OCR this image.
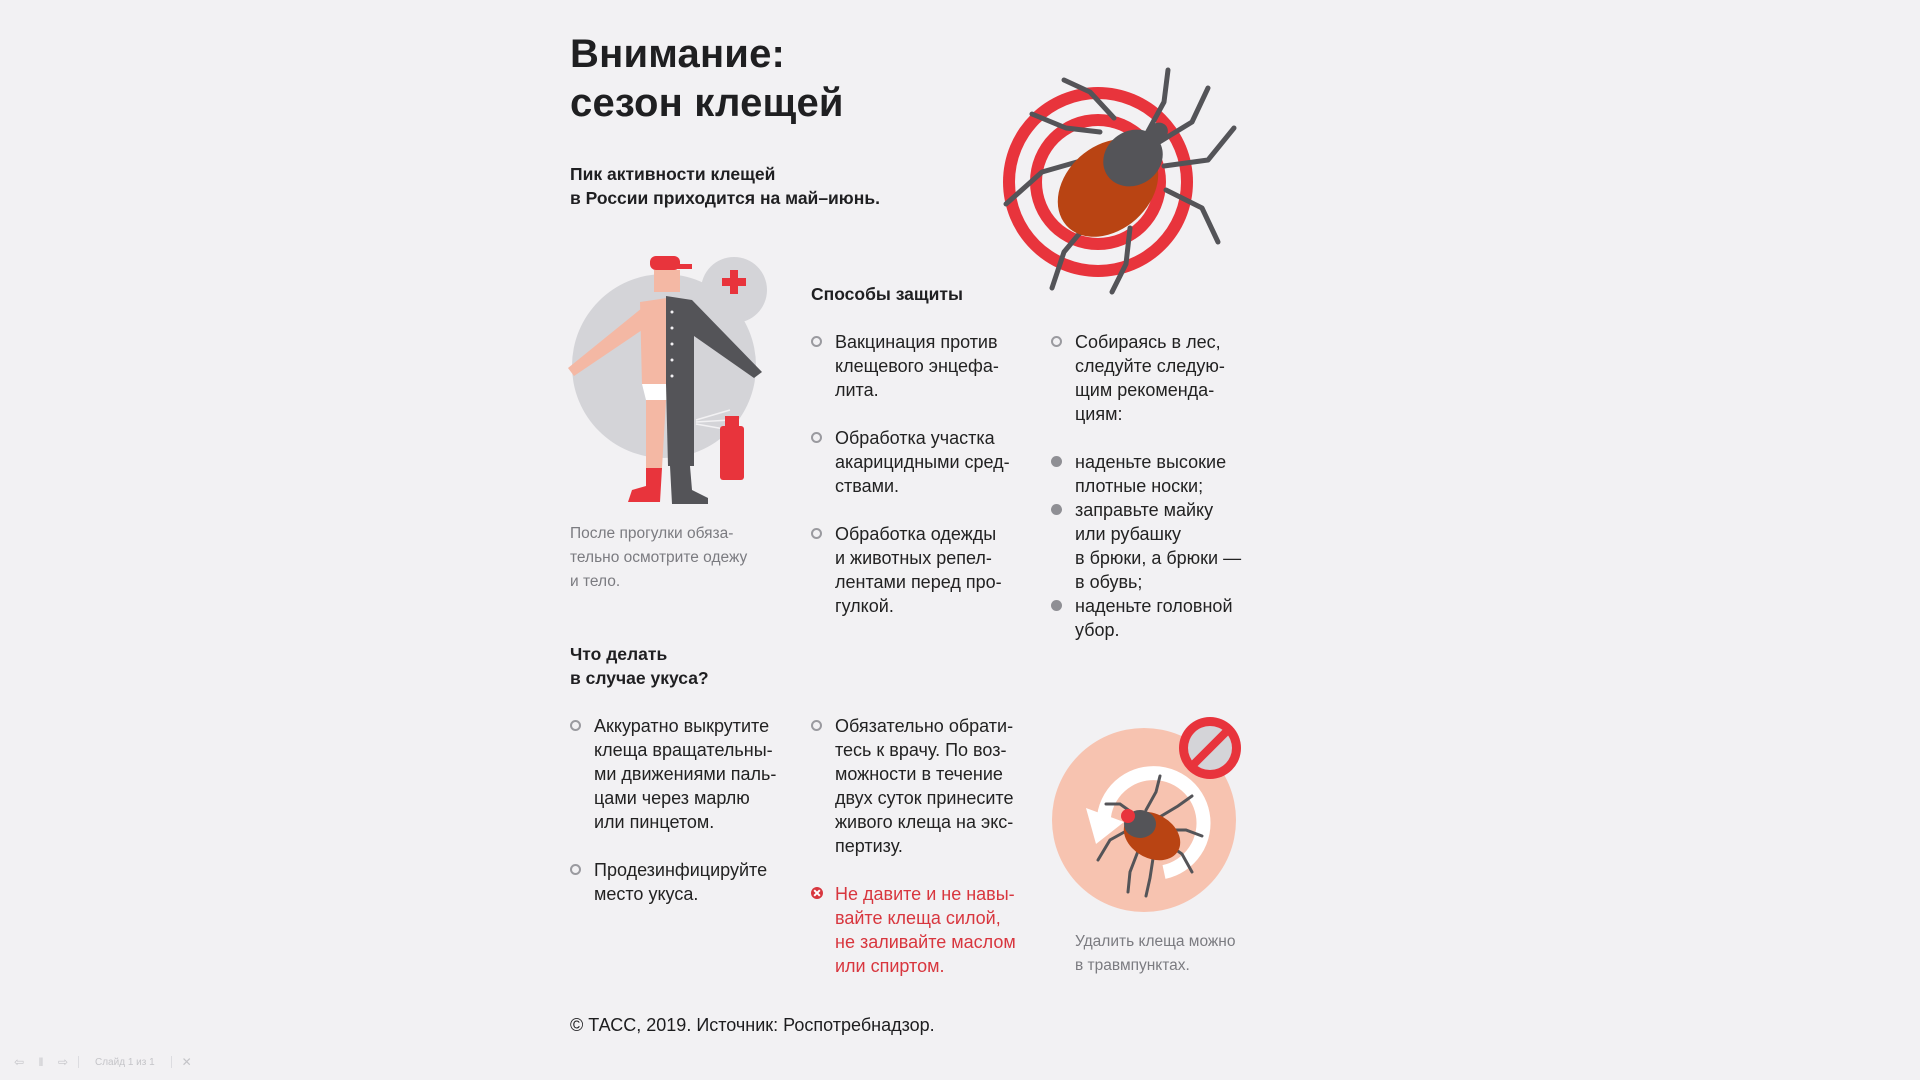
Внимание:
сезон клещей

Пик активности клещей
в России приходится на май–июнь.

После прогулки обяза-
тельно осмотрите одежу
и тело.

Способы защиты

Вакцинация против
клещевого энцефа-
лита.

Обработка участка
акарицидными сред-
ствами.

Обработка одежды
и животных репел-
лентами перед про-
гулкой.

Собираясь в лес,
следуйте следую-
щим рекоменда-
циям:

наденьте высокие
плотные носки;

заправьте майку
или рубашку
в брюки, а брюки —
в обувь;

наденьте головной
убор.

Что делать
в случае укуса?

Аккуратно выкрутите
клеща вращательны-
ми движениями паль-
цами через марлю
или пинцетом.

Продезинфицируйте
место укуса.

Обязательно обрати-
тесь к врачу. По воз-
можности в течение
двух суток принесите
живого клеща на экс-
пертизу.

Не давите и не навы-
вайте клеща силой,
не заливайте маслом
или спиртом.

Удалить клеща можно
в травмпунктах.

© ТАСС, 2019. Источник: Роспотребнадзор.

⇦	‖	⇨	Слайд 1 из 1	✕
